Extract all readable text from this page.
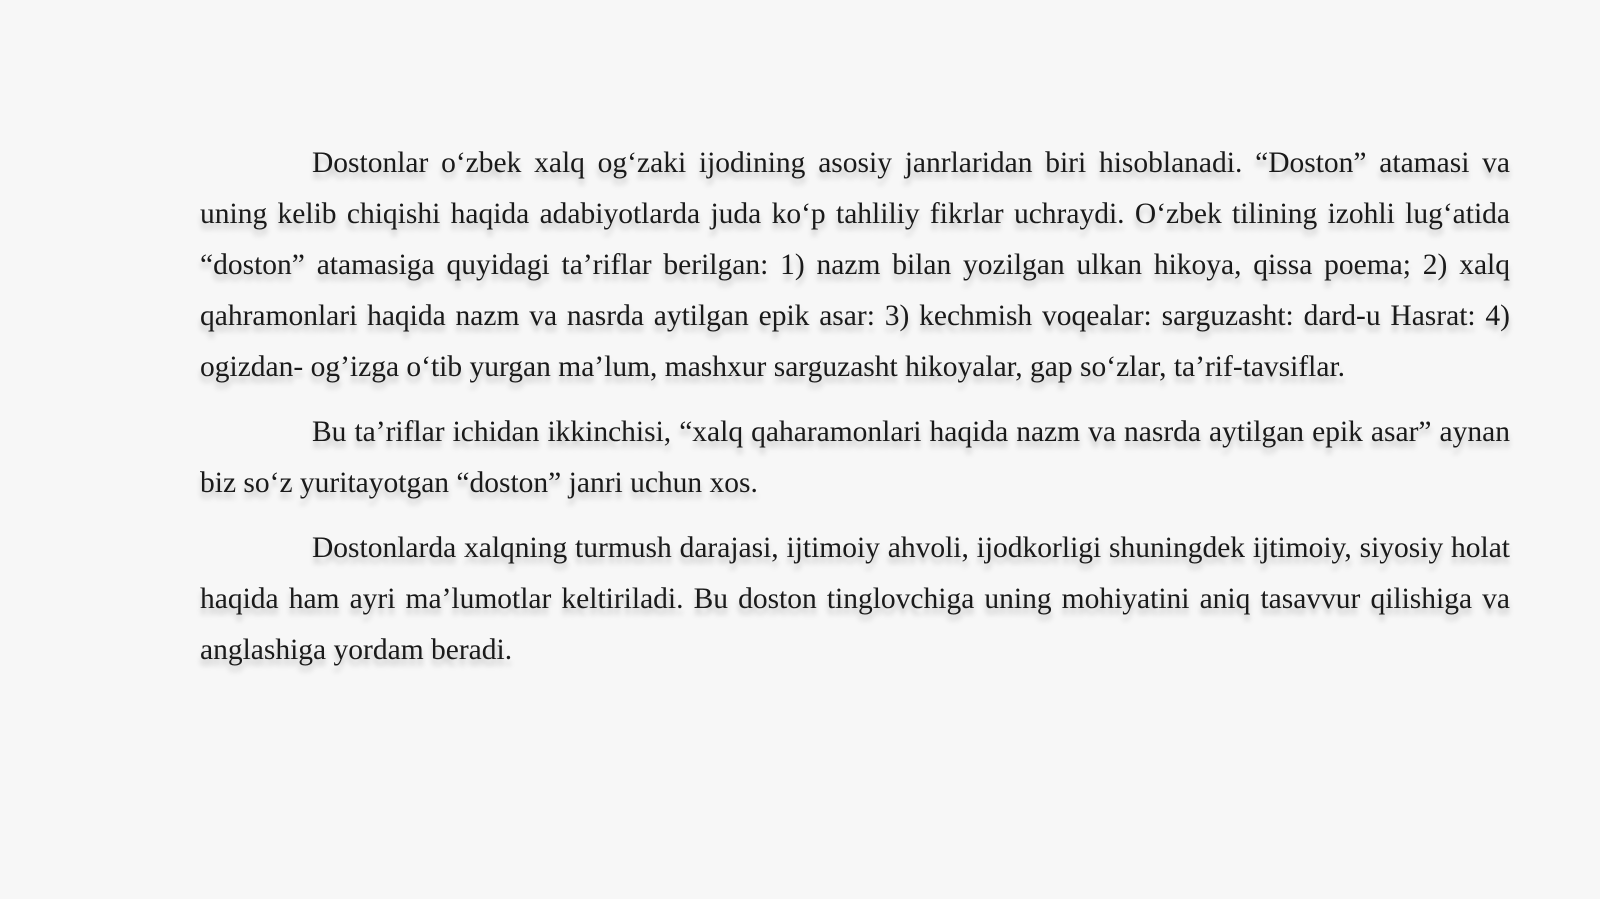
Dostonlar o‘zbek xalq og‘zaki ijodining asosiy janrlaridan biri hisoblanadi. “Doston” atamasi va uning kelib chiqishi haqida adabiyotlarda juda ko‘p tahliliy fikrlar uchraydi. O‘zbek tilining izohli lug‘atida “doston” atamasiga quyidagi ta’riflar berilgan: 1) nazm bilan yozilgan ulkan hikoya, qissa poema; 2) xalq qahramonlari haqida nazm va nasrda aytilgan epik asar: 3) kechmish voqealar: sarguzasht: dard-u Hasrat: 4) ogizdan- og’izga o‘tib yurgan ma’lum, mashxur sarguzasht hikoyalar, gap so‘zlar, ta’rif-tavsiflar.

Bu ta’riflar ichidan ikkinchisi, “xalq qaharamonlari haqida nazm va nasrda aytilgan epik asar” aynan biz so‘z yuritayotgan “doston” janri uchun xos.

Dostonlarda xalqning turmush darajasi, ijtimoiy ahvoli, ijodkorligi shuningdek ijtimoiy, siyosiy holat haqida ham ayri ma’lumotlar keltiriladi. Bu doston tinglovchiga uning mohiyatini aniq tasavvur qilishiga va anglashiga yordam beradi.
